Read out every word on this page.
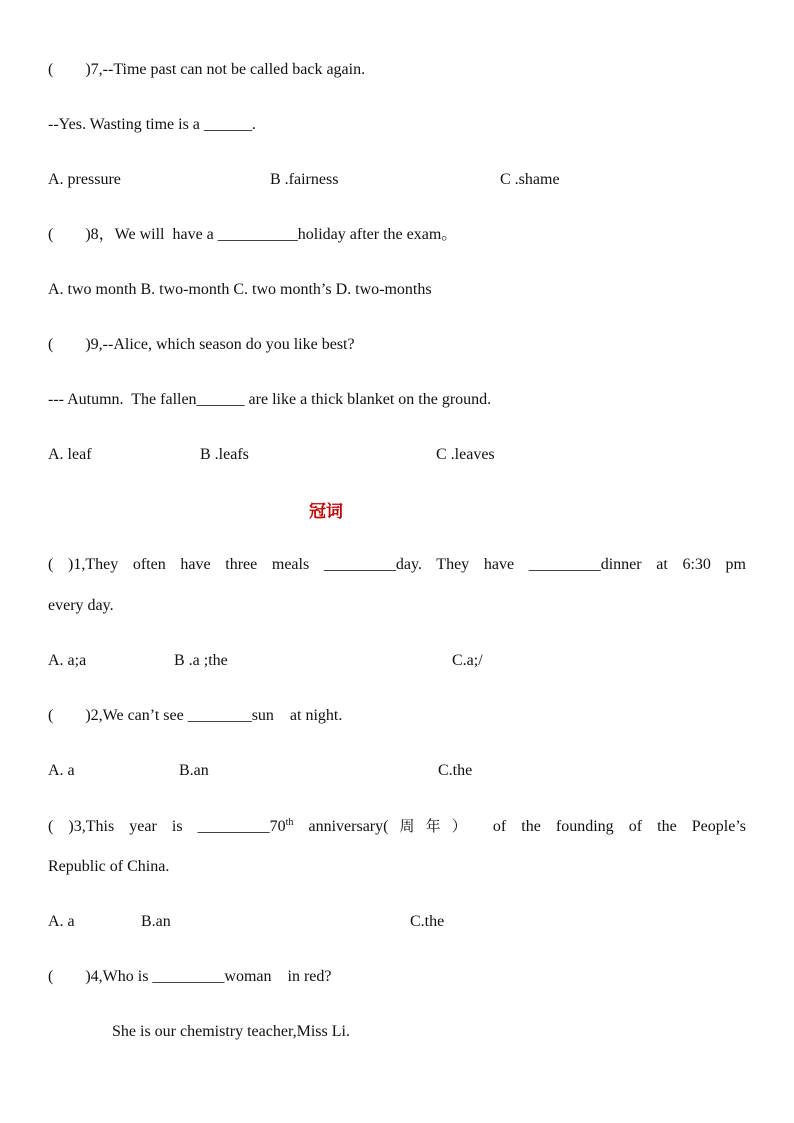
(        )7,--Time past can not be called back again.
--Yes. Wasting time is a ______.
A. pressure	B .fairness	C .shame
(        )8，We will  have a __________holiday after the exam。
A. two month B. two-month C. two month’s D. two-months
(        )9,--Alice, which season do you like best?
--- Autumn.  The fallen______ are like a thick blanket on the ground.
A. leaf	B .leafs	C .leaves
冠词
( )1,They often have three meals _________day. They have _________dinner at 6:30 pm
every day.
A. a;a	B .a ;the	C.a;/
(        )2,We can’t see ________sun    at night.
A. a	B.an	C.the
( )3,This year is _________70th anniversary(周年） of the founding of the People’s
Republic of China.
A. a	B.an	C.the
(        )4,Who is _________woman    in red?
She is our chemistry teacher,Miss Li.
